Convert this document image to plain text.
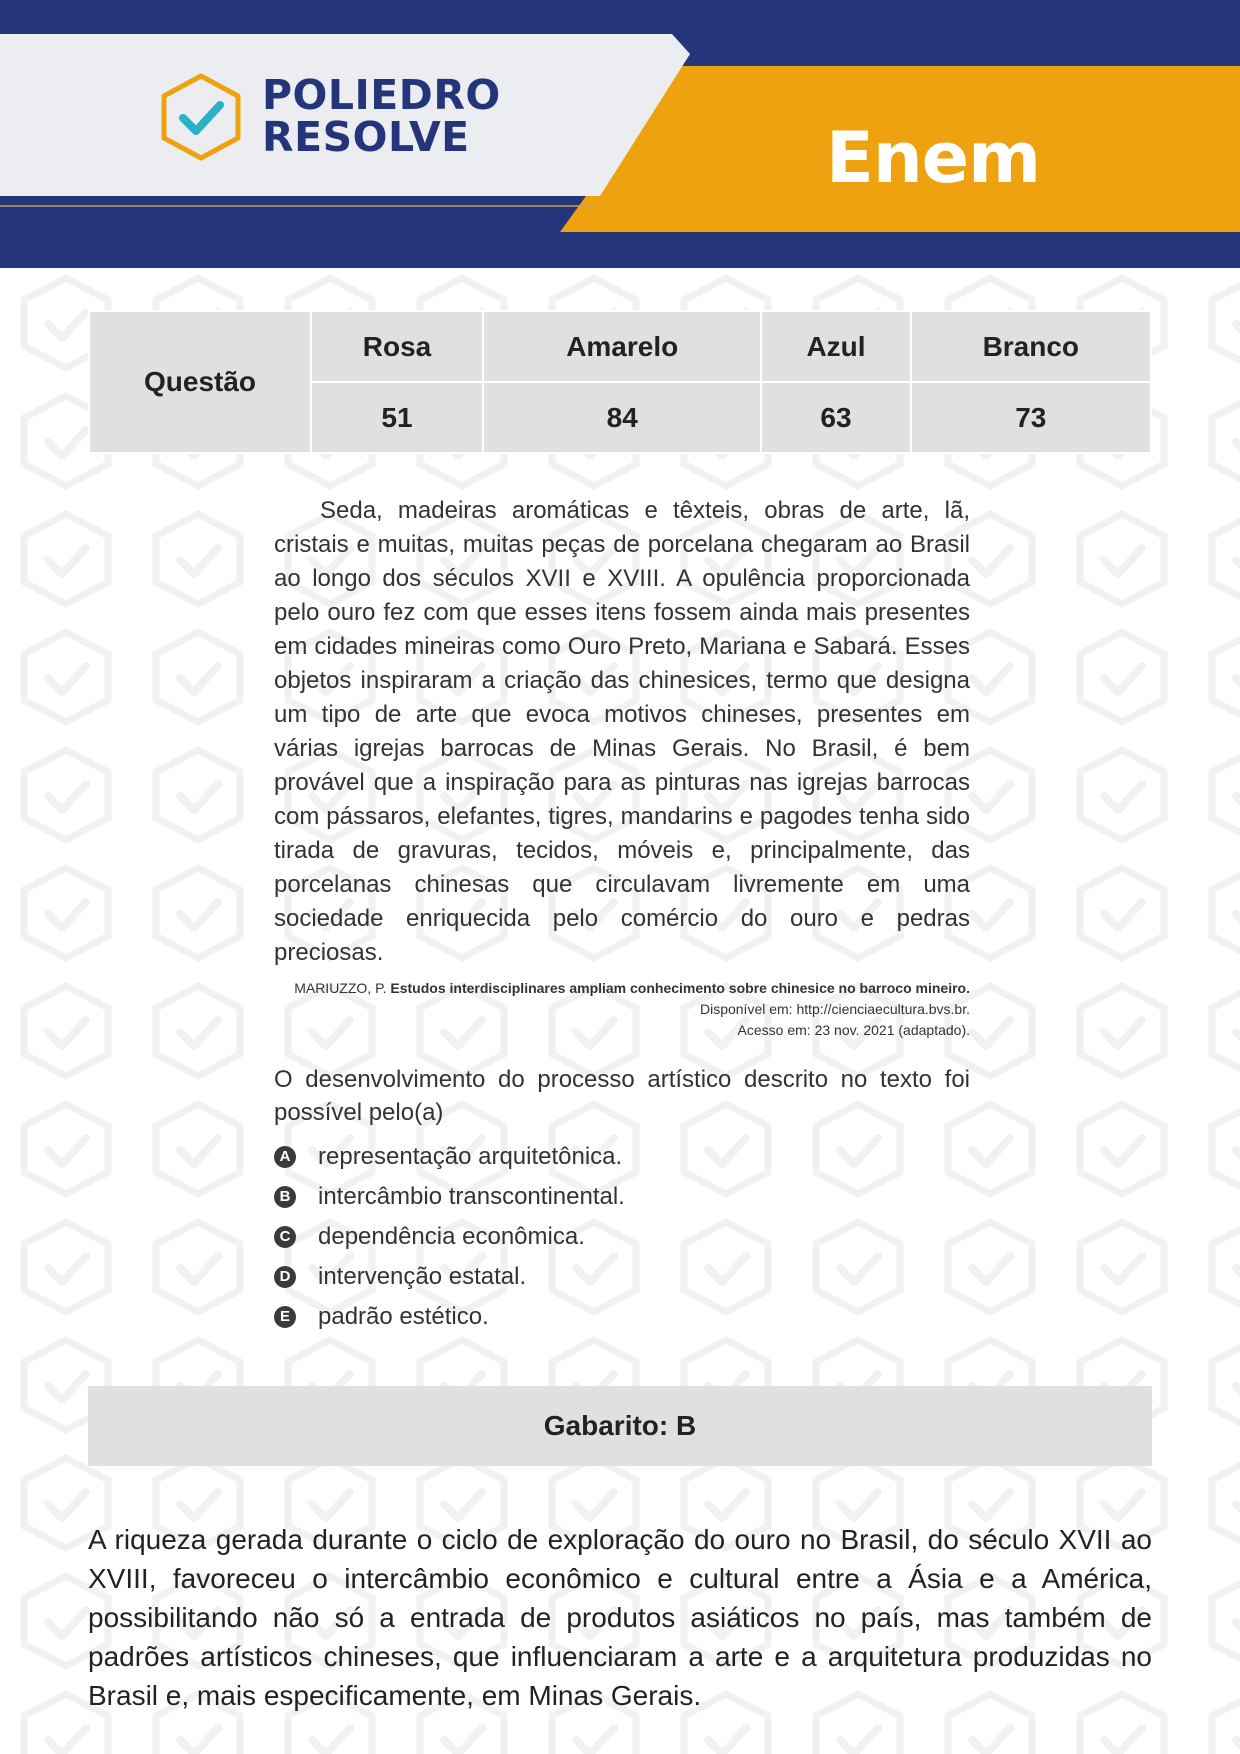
POLIEDRO
RESOLVE	Enem
Questão	Rosa	Amarelo	Azul	Branco
	51	84	63	73

Seda, madeiras aromáticas e têxteis, obras de arte, lã, cristais e muitas, muitas peças de porcelana chegaram ao Brasil ao longo dos séculos XVII e XVIII. A opulência proporcionada pelo ouro fez com que esses itens fossem ainda mais presentes em cidades mineiras como Ouro Preto, Mariana e Sabará. Esses objetos inspiraram a criação das chinesices, termo que designa um tipo de arte que evoca motivos chineses, presentes em várias igrejas barrocas de Minas Gerais. No Brasil, é bem provável que a inspiração para as pinturas nas igrejas barrocas com pássaros, elefantes, tigres, mandarins e pagodes tenha sido tirada de gravuras, tecidos, móveis e, principalmente, das porcelanas chinesas que circulavam livremente em uma sociedade enriquecida pelo comércio do ouro e pedras preciosas.

MARIUZZO, P. Estudos interdisciplinares ampliam conhecimento sobre chinesice no barroco mineiro. Disponível em: http://cienciaecultura.bvs.br.
Acesso em: 23 nov. 2021 (adaptado).

O desenvolvimento do processo artístico descrito no texto foi possível pelo(a)

A representação arquitetônica.
B intercâmbio transcontinental.
C dependência econômica.
D intervenção estatal.
E padrão estético.
Gabarito: B

A riqueza gerada durante o ciclo de exploração do ouro no Brasil, do século XVII ao XVIII, favoreceu o intercâmbio econômico e cultural entre a Ásia e a América, possibilitando não só a entrada de produtos asiáticos no país, mas também de padrões artísticos chineses, que influenciaram a arte e a arquitetura produzidas no Brasil e, mais especificamente, em Minas Gerais.
